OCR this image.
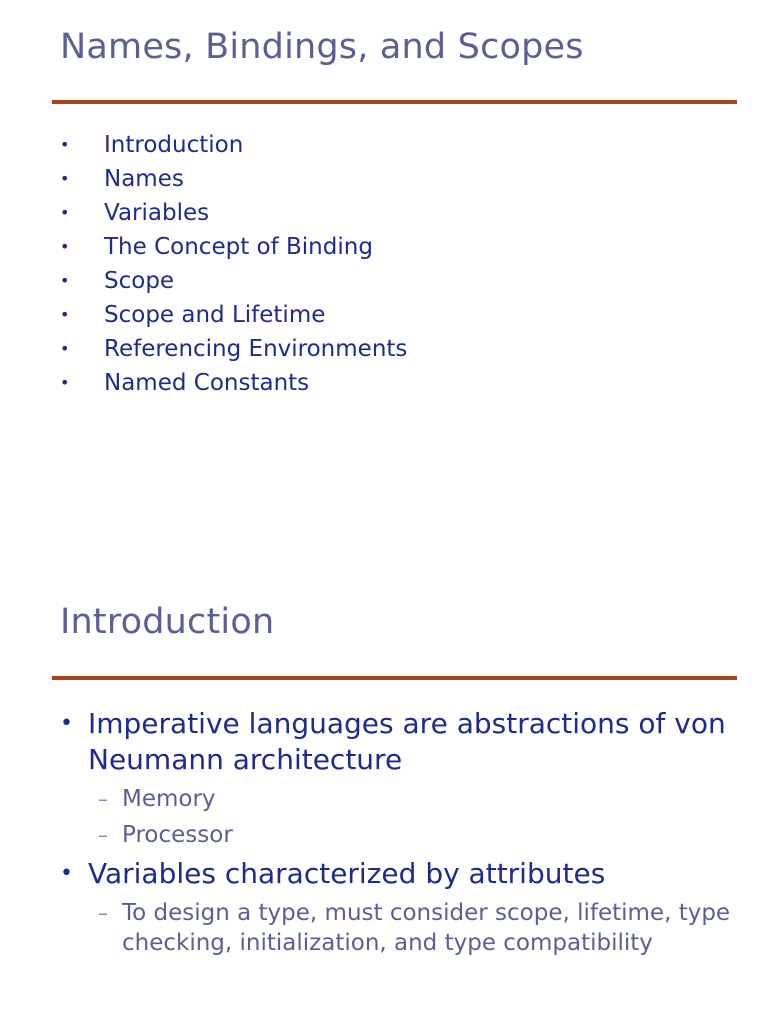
Names, Bindings, and Scopes
• Introduction
• Names
• Variables
• The Concept of Binding
• Scope
• Scope and Lifetime
• Referencing Environments
• Named Constants
Introduction
• Imperative languages are abstractions of von Neumann architecture
– Memory
– Processor
• Variables characterized by attributes
– To design a type, must consider scope, lifetime, type checking, initialization, and type compatibility
